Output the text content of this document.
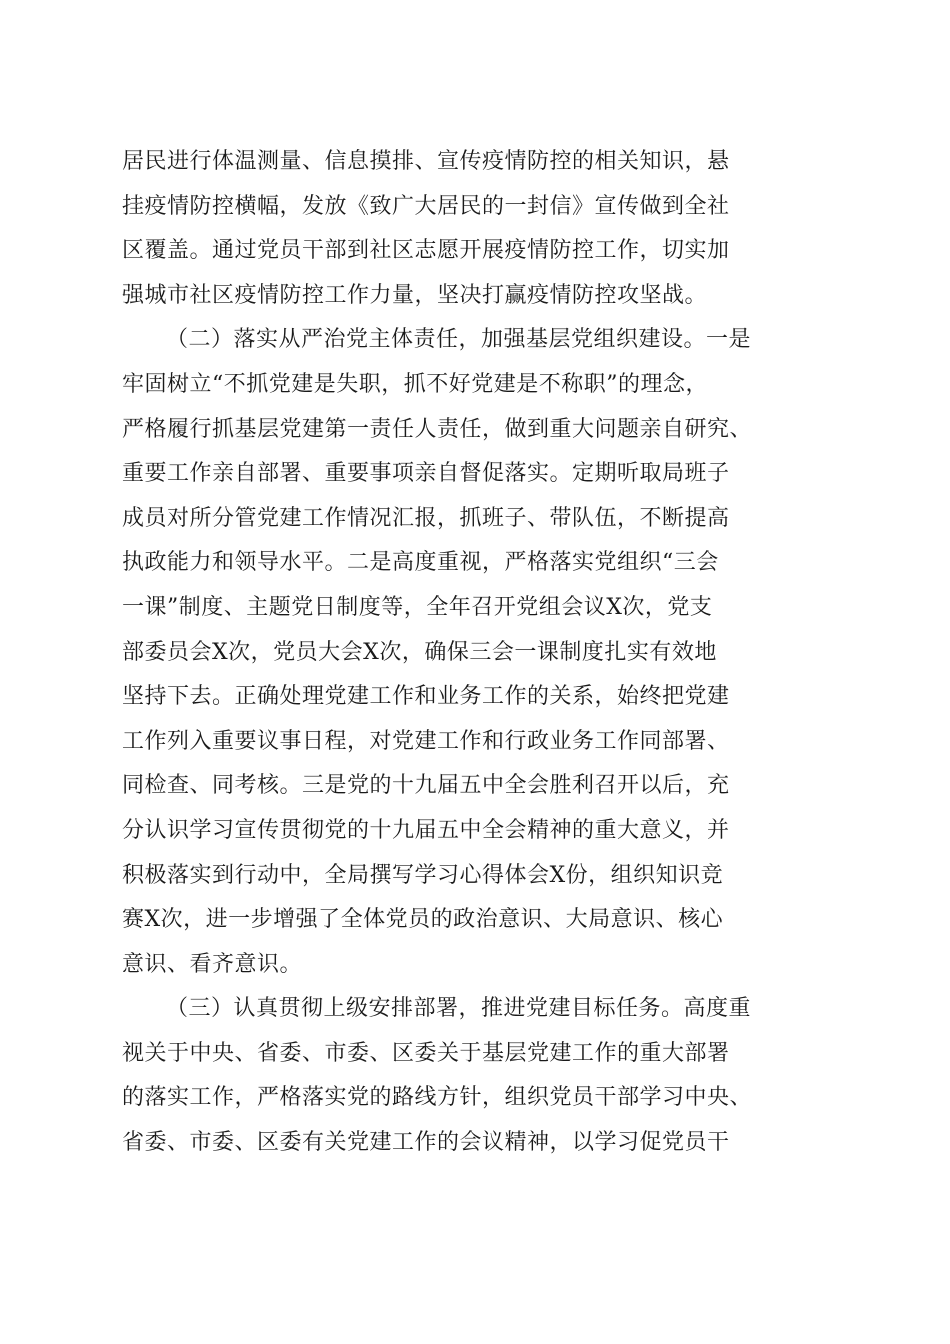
居民进行体温测量、信息摸排、宣传疫情防控的相关知识，悬
挂疫情防控横幅，发放《致广大居民的一封信》宣传做到全社
区覆盖。通过党员干部到社区志愿开展疫情防控工作，切实加
强城市社区疫情防控工作力量，坚决打赢疫情防控攻坚战。
（二）落实从严治党主体责任，加强基层党组织建设。一是
牢固树立“不抓党建是失职，抓不好党建是不称职”的理念，
严格履行抓基层党建第一责任人责任，做到重大问题亲自研究、
重要工作亲自部署、重要事项亲自督促落实。定期听取局班子
成员对所分管党建工作情况汇报，抓班子、带队伍，不断提高
执政能力和领导水平。二是高度重视，严格落实党组织“三会
一课”制度、主题党日制度等，全年召开党组会议X次，党支
部委员会X次，党员大会X次，确保三会一课制度扎实有效地
坚持下去。正确处理党建工作和业务工作的关系，始终把党建
工作列入重要议事日程，对党建工作和行政业务工作同部署、
同检查、同考核。三是党的十九届五中全会胜利召开以后，充
分认识学习宣传贯彻党的十九届五中全会精神的重大意义，并
积极落实到行动中，全局撰写学习心得体会X份，组织知识竞
赛X次，进一步增强了全体党员的政治意识、大局意识、核心
意识、看齐意识。
（三）认真贯彻上级安排部署，推进党建目标任务。高度重
视关于中央、省委、市委、区委关于基层党建工作的重大部署
的落实工作，严格落实党的路线方针，组织党员干部学习中央、
省委、市委、区委有关党建工作的会议精神，以学习促党员干
